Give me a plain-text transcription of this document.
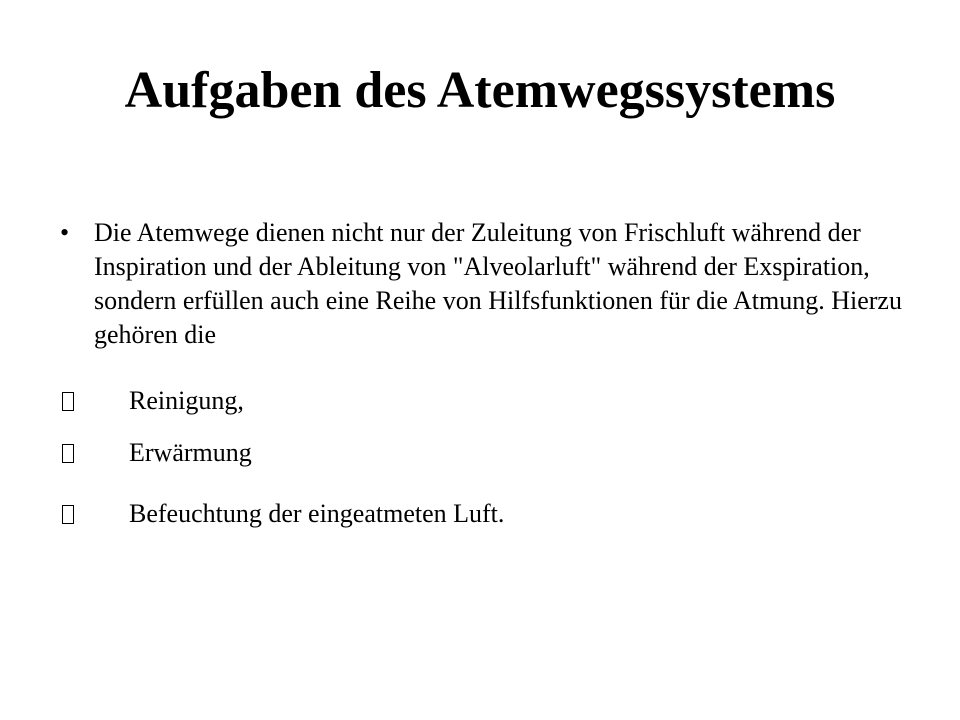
Aufgaben des Atemwegssystems
• Die Atemwege dienen nicht nur der Zuleitung von Frischluft während der Inspiration und der Ableitung von "Alveolarluft" während der Exspiration, sondern erfüllen auch eine Reihe von Hilfsfunktionen für die Atmung. Hierzu gehören die
Reinigung,
Erwärmung
Befeuchtung der eingeatmeten Luft.
